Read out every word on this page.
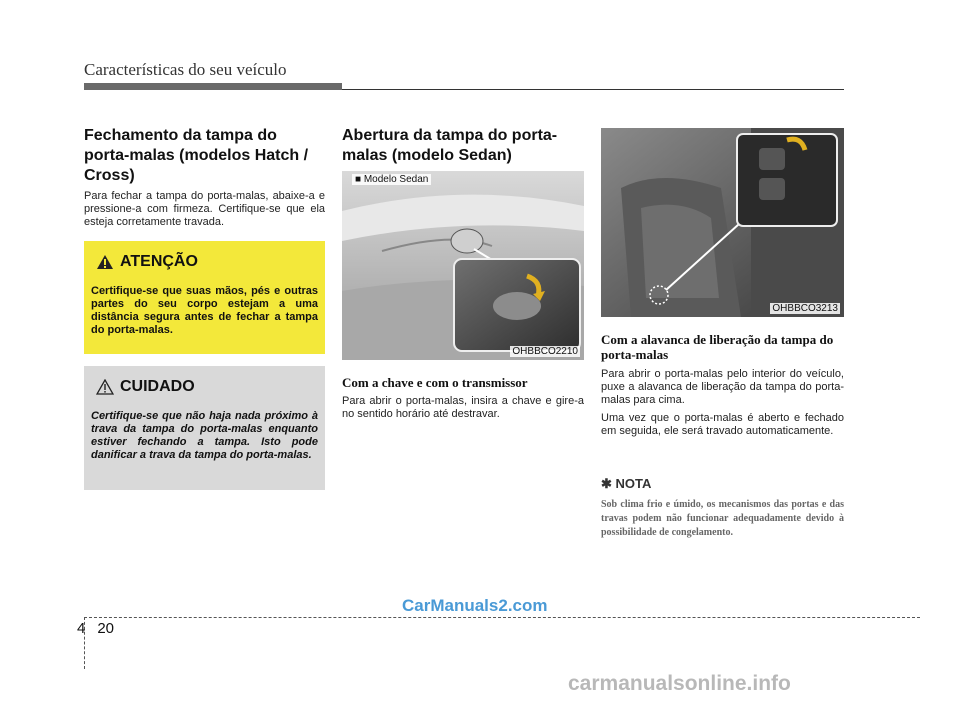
Características do seu veículo
Fechamento da tampa do porta-malas (modelos Hatch / Cross)

Para fechar a tampa do porta-malas, abaixe-a e pressione-a com firmeza. Certifique-se que ela esteja corretamente travada.

ATENÇÃO
Certifique-se que suas mãos, pés e outras partes do seu corpo estejam a uma distância segura antes de fechar a tampa do porta-malas.
CUIDADO
Certifique-se que não haja nada próximo à trava da tampa do porta-malas enquanto estiver fechando a tampa. Isto pode danificar a trava da tampa do porta-malas.
Abertura da tampa do porta-malas (modelo Sedan)
■ Modelo Sedan
OHBBCO2210
Com a chave e com o transmissor

Para abrir o porta-malas, insira a chave e gire-a no sentido horário até destravar.

OHBBCO3213
Com a alavanca de liberação da tampa do porta-malas

Para abrir o porta-malas pelo interior do veículo, puxe a alavanca de liberação da tampa do porta-malas para cima.

Uma vez que o porta-malas é aberto e fechado em seguida, ele será travado automaticamente.

✱ NOTA
Sob clima frio e úmido, os mecanismos das portas e das travas podem não funcionar adequadamente devido à possibilidade de congelamento.
CarManuals2.com
4 20
carmanualsonline.info
